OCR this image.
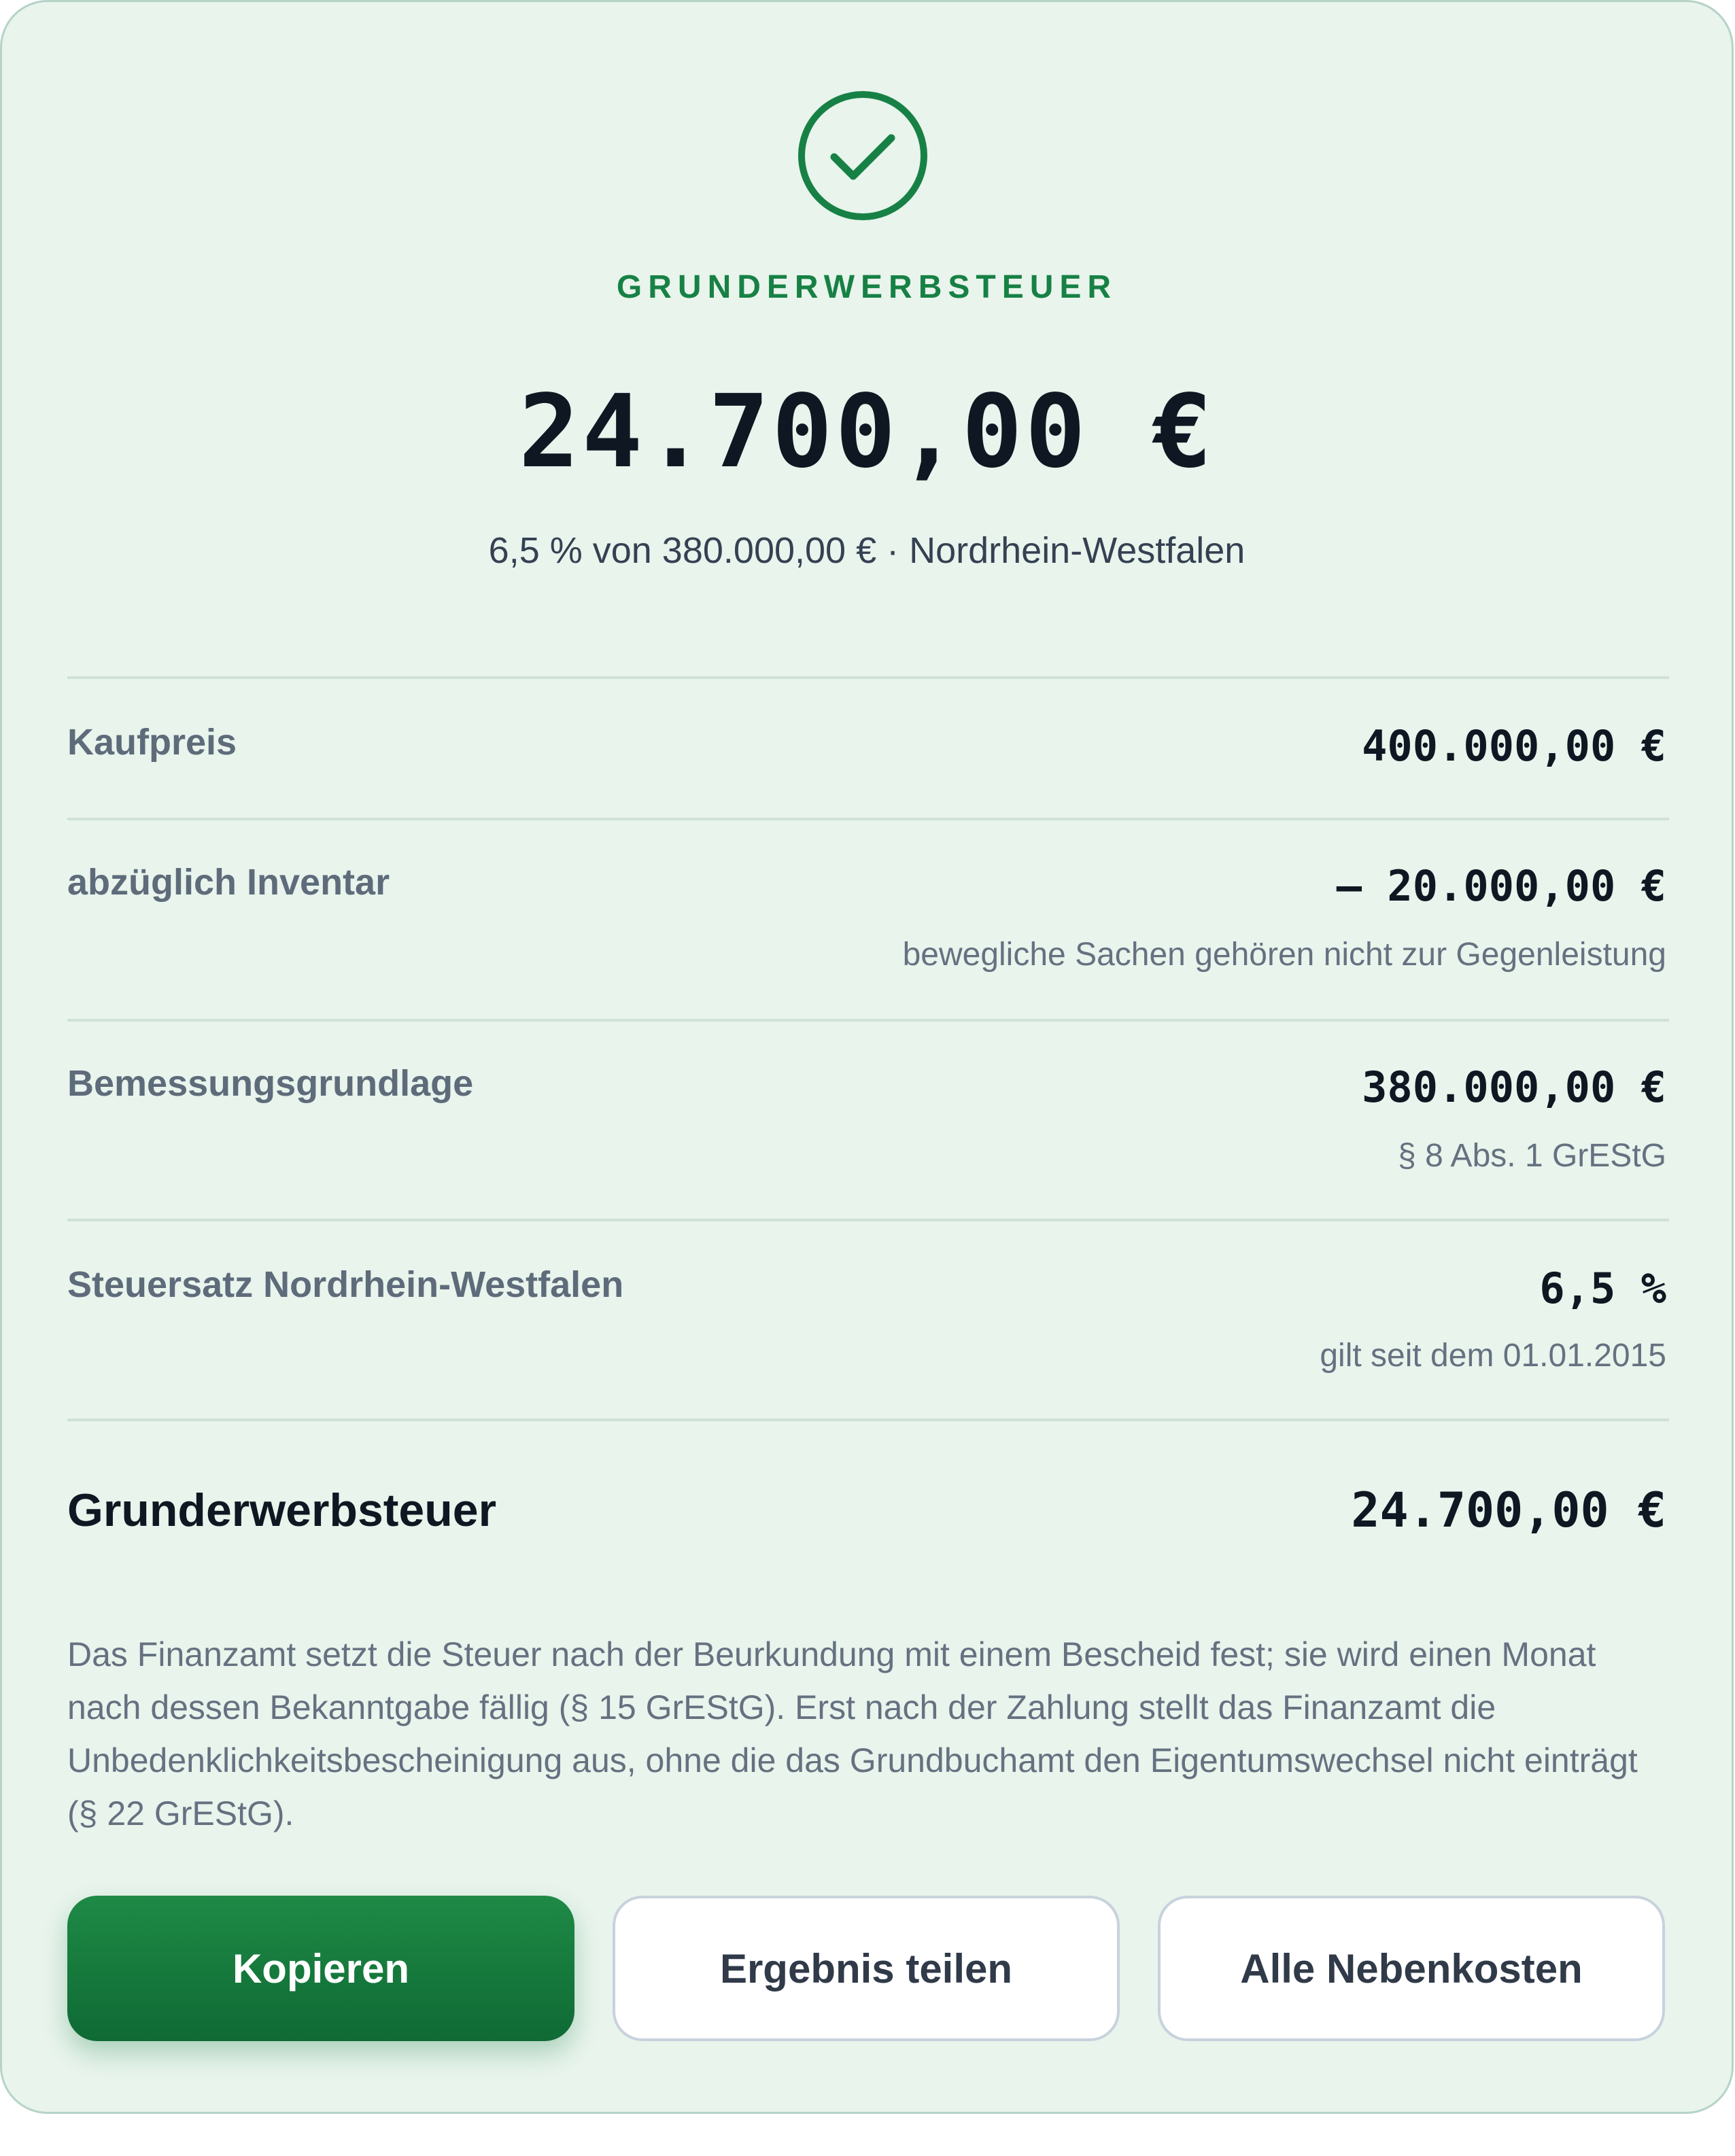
GRUNDERWERBSTEUER
24.700,00 €
6,5 % von 380.000,00 € · Nordrhein-Westfalen
Kaufpreis	400.000,00 €
abzüglich Inventar	– 20.000,00 €
bewegliche Sachen gehören nicht zur Gegenleistung
Bemessungsgrundlage	380.000,00 €
§ 8 Abs. 1 GrEStG
Steuersatz Nordrhein-Westfalen	6,5 %
gilt seit dem 01.01.2015
Grunderwerbsteuer	24.700,00 €
Das Finanzamt setzt die Steuer nach der Beurkundung mit einem Bescheid fest; sie wird einen Monat nach dessen Bekanntgabe fällig (§ 15 GrEStG). Erst nach der Zahlung stellt das Finanzamt die Unbedenklichkeitsbescheinigung aus, ohne die das Grundbuchamt den Eigentumswechsel nicht einträgt (§ 22 GrEStG).
Kopieren	Ergebnis teilen	Alle Nebenkosten
